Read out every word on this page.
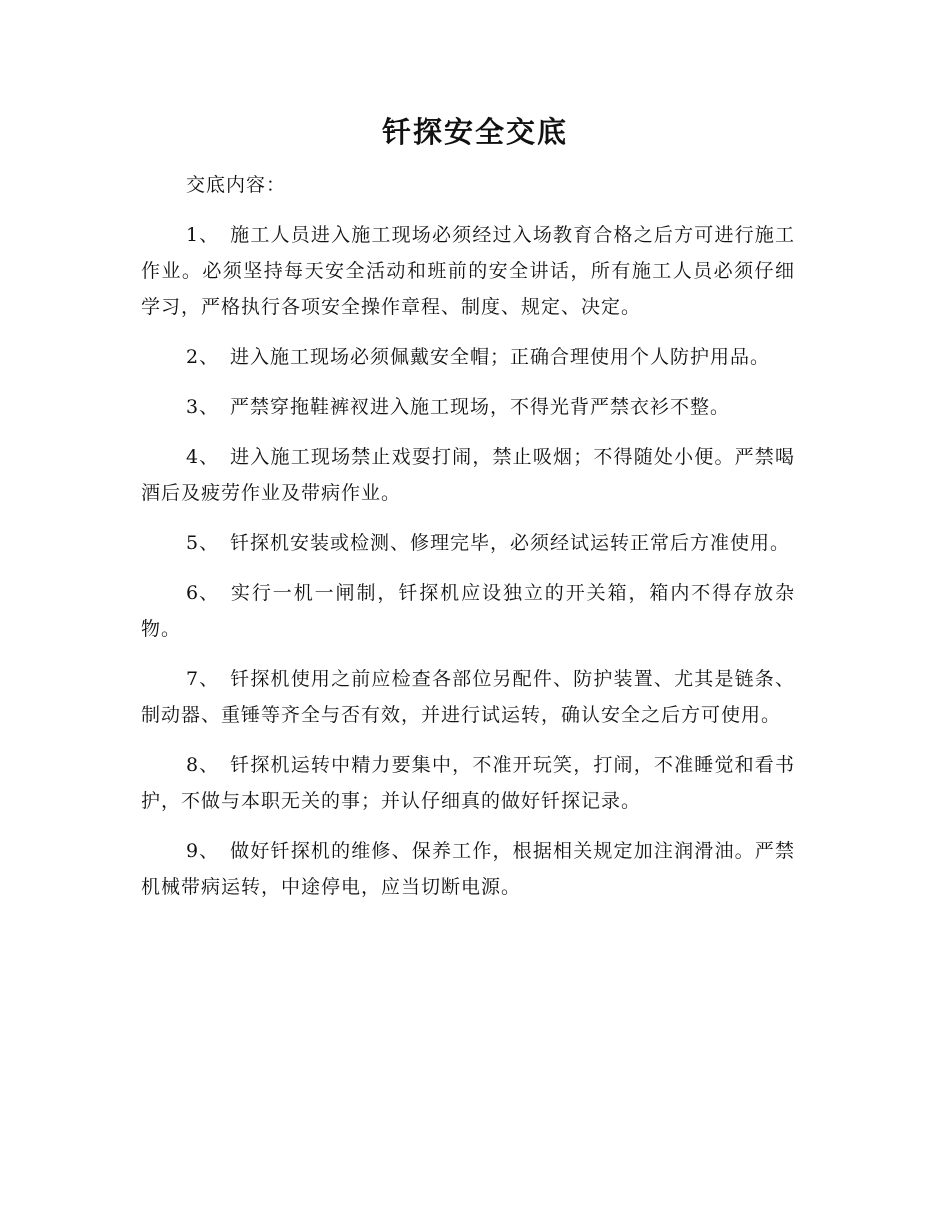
钎探安全交底

交底内容：

1、 施工人员进入施工现场必须经过入场教育合格之后方可进行施工作业。必须坚持每天安全活动和班前的安全讲话，所有施工人员必须仔细学习，严格执行各项安全操作章程、制度、规定、决定。

2、 进入施工现场必须佩戴安全帽；正确合理使用个人防护用品。

3、 严禁穿拖鞋裤衩进入施工现场，不得光背严禁衣衫不整。

4、 进入施工现场禁止戏耍打闹，禁止吸烟；不得随处小便。严禁喝酒后及疲劳作业及带病作业。

5、 钎探机安装或检测、修理完毕，必须经试运转正常后方准使用。

6、 实行一机一闸制，钎探机应设独立的开关箱，箱内不得存放杂物。

7、 钎探机使用之前应检查各部位另配件、防护装置、尤其是链条、制动器、重锤等齐全与否有效，并进行试运转，确认安全之后方可使用。

8、 钎探机运转中精力要集中，不准开玩笑，打闹，不准睡觉和看书护，不做与本职无关的事；并认仔细真的做好钎探记录。

9、 做好钎探机的维修、保养工作，根据相关规定加注润滑油。严禁机械带病运转，中途停电，应当切断电源。
